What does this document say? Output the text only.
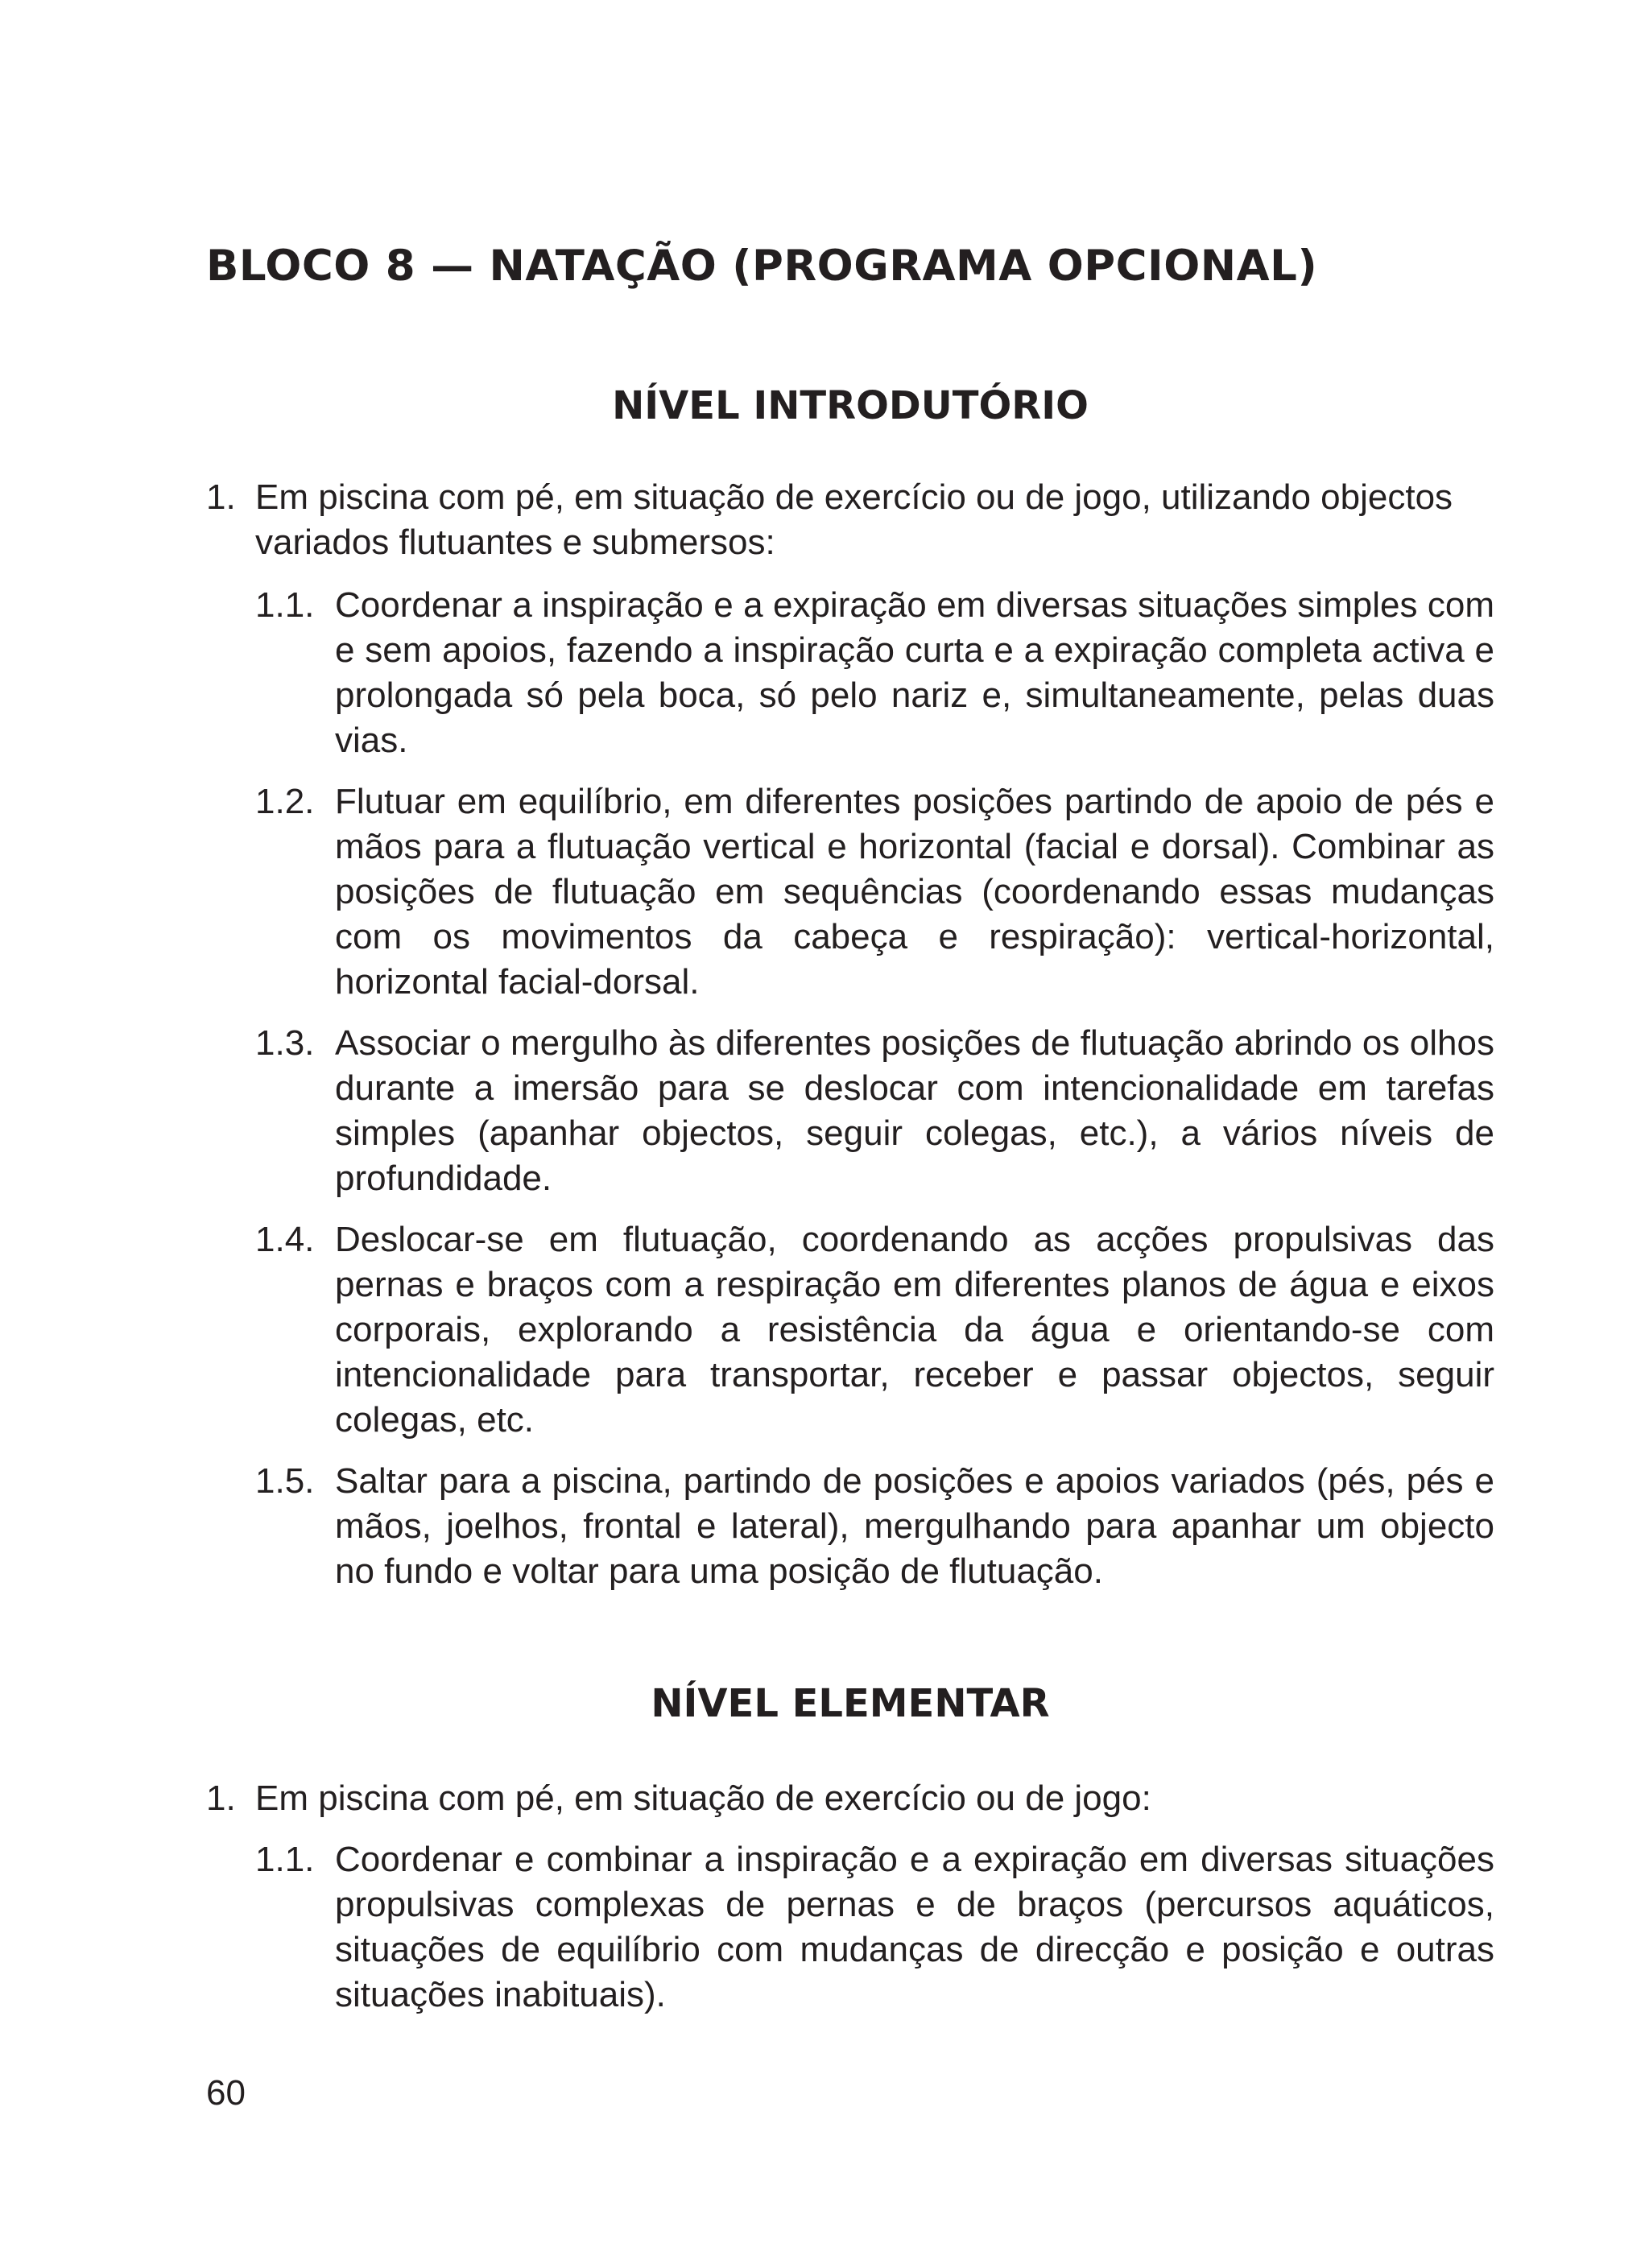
BLOCO 8 — NATAÇÃO (PROGRAMA OPCIONAL)
NÍVEL INTRODUTÓRIO
1. Em piscina com pé, em situação de exercício ou de jogo, utilizando objectos variados flutuantes e submersos:

1.1. Coordenar a inspiração e a expiração em diversas situações simples com e sem apoios, fazendo a inspiração curta e a expiração completa activa e prolongada só pela boca, só pelo nariz e, simultaneamente, pelas duas vias.

1.2. Flutuar em equilíbrio, em diferentes posições partindo de apoio de pés e mãos para a flutuação vertical e horizontal (facial e dorsal). Combinar as posições de flutuação em sequências (coordenando essas mudanças com os movimentos da cabeça e respiração): vertical-horizontal, horizontal facial-dorsal.

1.3. Associar o mergulho às diferentes posições de flutuação abrindo os olhos durante a imersão para se deslocar com intencionalidade em tarefas simples (apanhar objectos, seguir colegas, etc.), a vários níveis de profundidade.

1.4. Deslocar-se em flutuação, coordenando as acções propulsivas das pernas e braços com a respiração em diferentes planos de água e eixos corporais, explorando a resistência da água e orientando-se com intencionalidade para transportar, receber e passar objectos, seguir colegas, etc.

1.5. Saltar para a piscina, partindo de posições e apoios variados (pés, pés e mãos, joelhos, frontal e lateral), mergulhando para apanhar um objecto no fundo e voltar para uma posição de flutuação.

NÍVEL ELEMENTAR
1. Em piscina com pé, em situação de exercício ou de jogo:

1.1. Coordenar e combinar a inspiração e a expiração em diversas situações propulsivas complexas de pernas e de braços (percursos aquáticos, situações de equilíbrio com mudanças de direcção e posição e outras situações inabituais).

60
